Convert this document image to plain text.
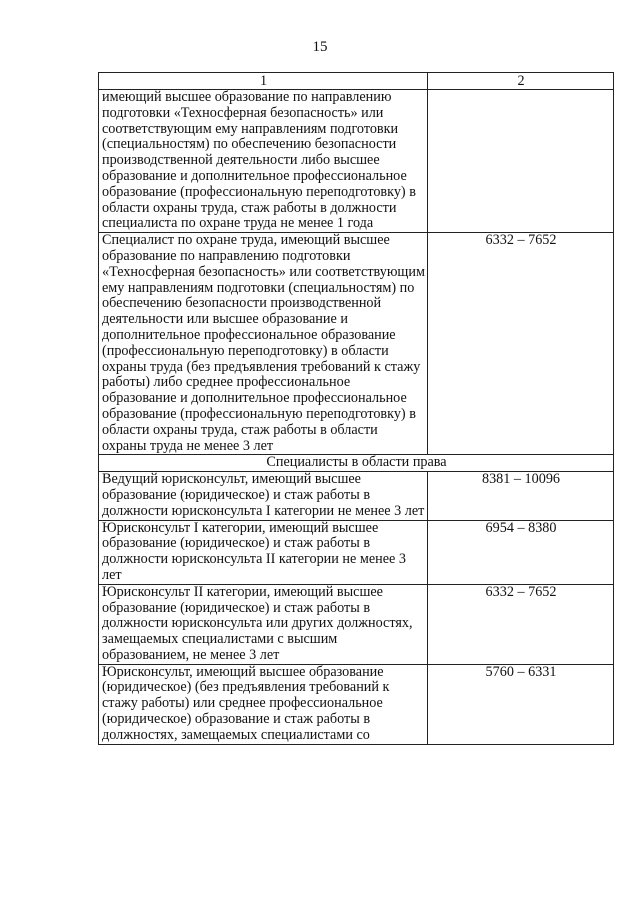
15
1	2
имеющий высшее образование по направлению подготовки «Техносферная безопасность» или соответствующим ему направлениям подготовки (специальностям) по обеспечению безопасности производственной деятельности либо высшее образование и дополнительное профессиональное образование (профессиональную переподготовку) в области охраны труда, стаж работы в должности специалиста по охране труда не менее 1 года	
Специалист по охране труда, имеющий высшее образование по направлению подготовки «Техносферная безопасность» или соответствующим ему направлениям подготовки (специальностям) по обеспечению безопасности производственной деятельности или высшее образование и дополнительное профессиональное образование (профессиональную переподготовку) в области охраны труда (без предъявления требований к стажу работы) либо среднее профессиональное образование и дополнительное профессиональное образование (профессиональную переподготовку) в области охраны труда, стаж работы в области охраны труда не менее 3 лет	6332 – 7652
Специалисты в области права	
Ведущий юрисконсульт, имеющий высшее образование (юридическое) и стаж работы в должности юрисконсульта I категории не менее 3 лет	8381 – 10096
Юрисконсульт I категории, имеющий высшее образование (юридическое) и стаж работы в должности юрисконсульта II категории не менее 3 лет	6954 – 8380
Юрисконсульт II категории, имеющий высшее образование (юридическое) и стаж работы в должности юрисконсульта или других должностях, замещаемых специалистами с высшим образованием, не менее 3 лет	6332 – 7652
Юрисконсульт, имеющий высшее образование (юридическое) (без предъявления требований к стажу работы) или среднее профессиональное (юридическое) образование и стаж работы в должностях, замещаемых специалистами со	5760 – 6331
